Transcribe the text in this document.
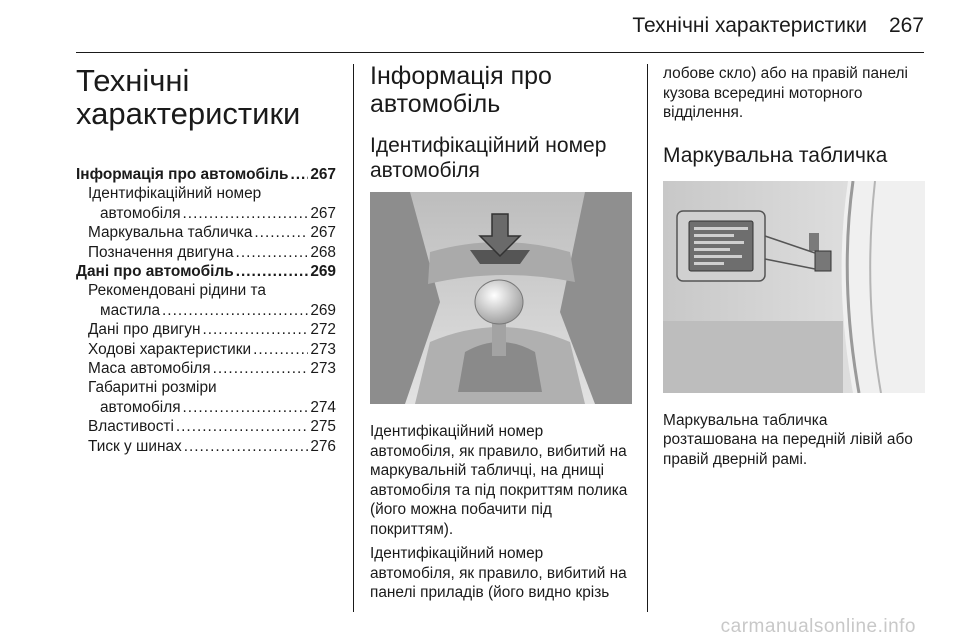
Технічні характеристики 267
Технічні
характеристики
Інформація про автомобіль ..... 267
Ідентифікаційний номер
автомобіля .....	267
Маркувальна табличка .....	267
Позначення двигуна .....	268
Дані про автомобіль .....	269
Рекомендовані рідини та
мастила .....	269
Дані про двигун .....	272
Ходові характеристики .....	273
Маса автомобіля .....	273
Габаритні розміри
автомобіля .....	274
Властивості .....	275
Тиск у шинах .....	276
Інформація про
автомобіль
Ідентифікаційний номер
автомобіля

Ідентифікаційний номер
автомобіля, як правило, вибитий на
маркувальній табличці, на днищі
автомобіля та під покриттям полика
(його можна побачити під
покриттям).

Ідентифікаційний номер
автомобіля, як правило, вибитий на
панелі приладів (його видно крізь

лобове скло) або на правій панелі
кузова всередині моторного
відділення.

Маркувальна табличка

Маркувальна табличка
розташована на передній лівій або
правій дверній рамі.

carmanualsonline.info
